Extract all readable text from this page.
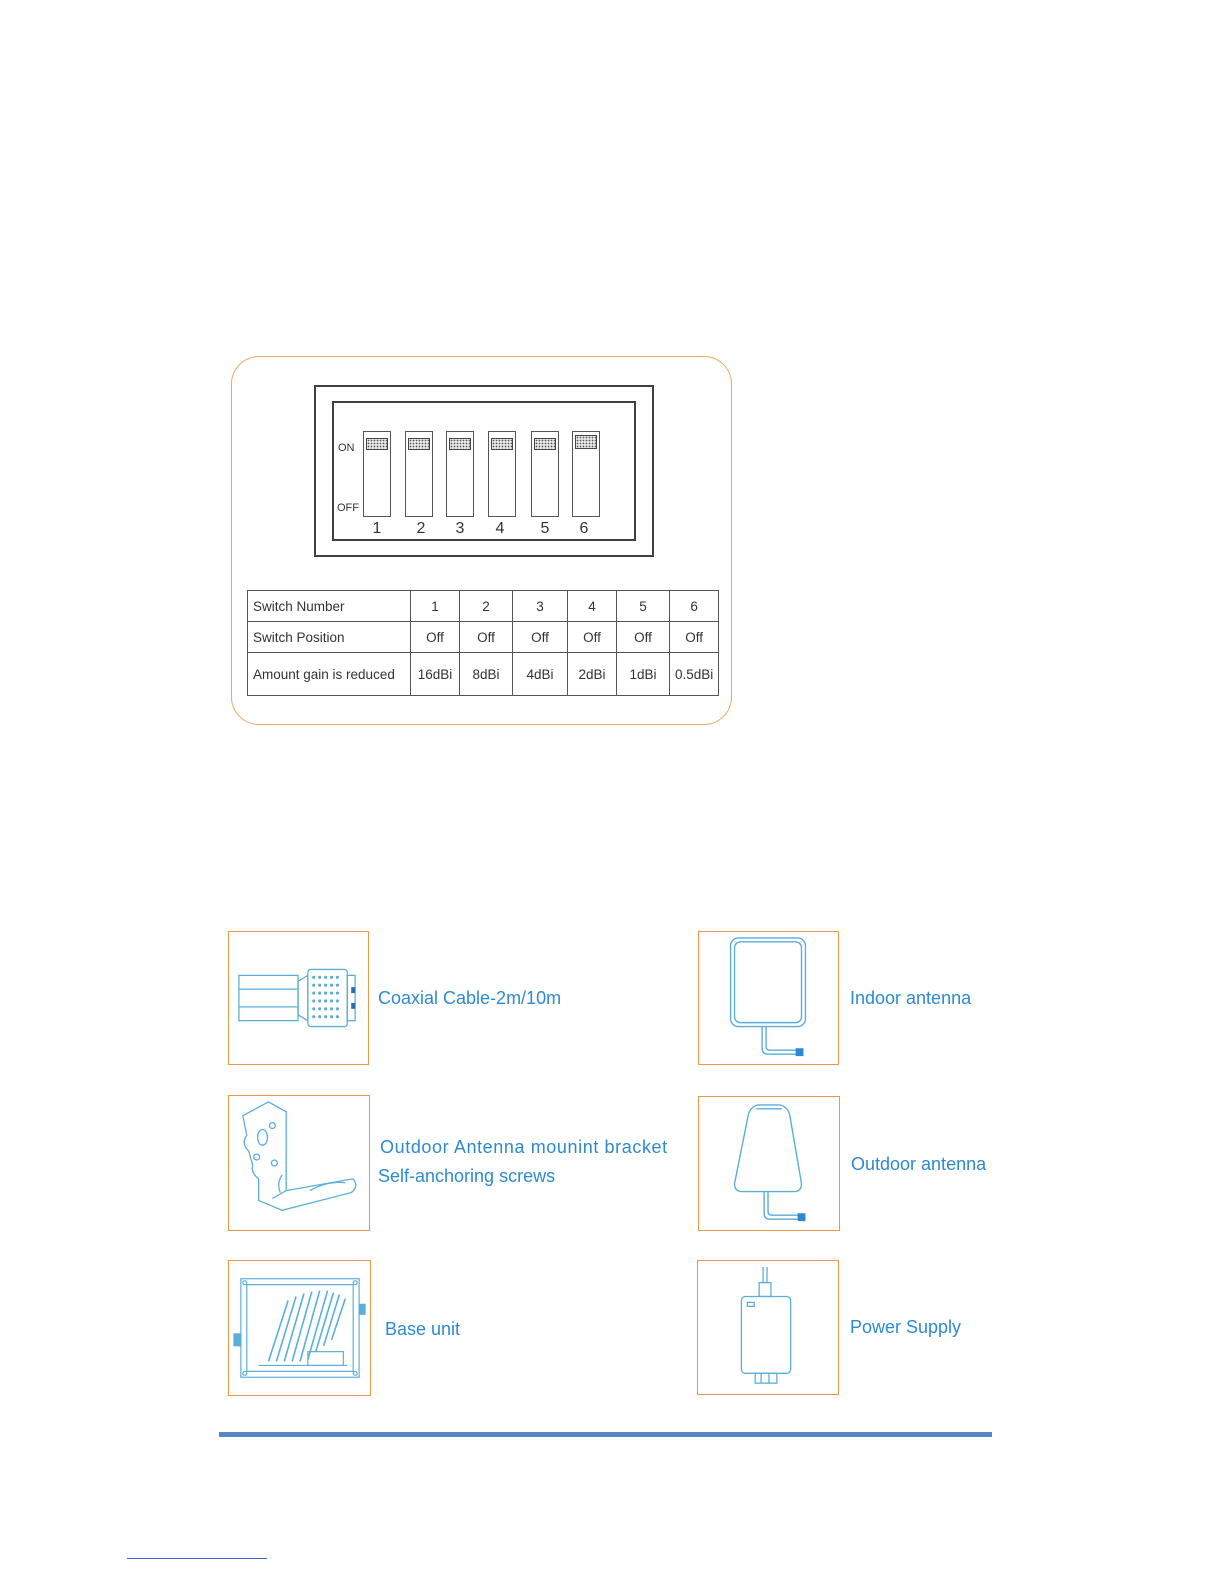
ON
OFF
1	2	3	4	5	6
Switch Number	1	2	3	4	5	6
Switch Position	Off	Off	Off	Off	Off	Off
Amount gain is reduced	16dBi	8dBi	4dBi	2dBi	1dBi	0.5dBi
Coaxial Cable-2m/10m	Indoor antenna
Outdoor Antenna mounint bracket
Self-anchoring screws
Outdoor antenna
Base unit	Power Supply
